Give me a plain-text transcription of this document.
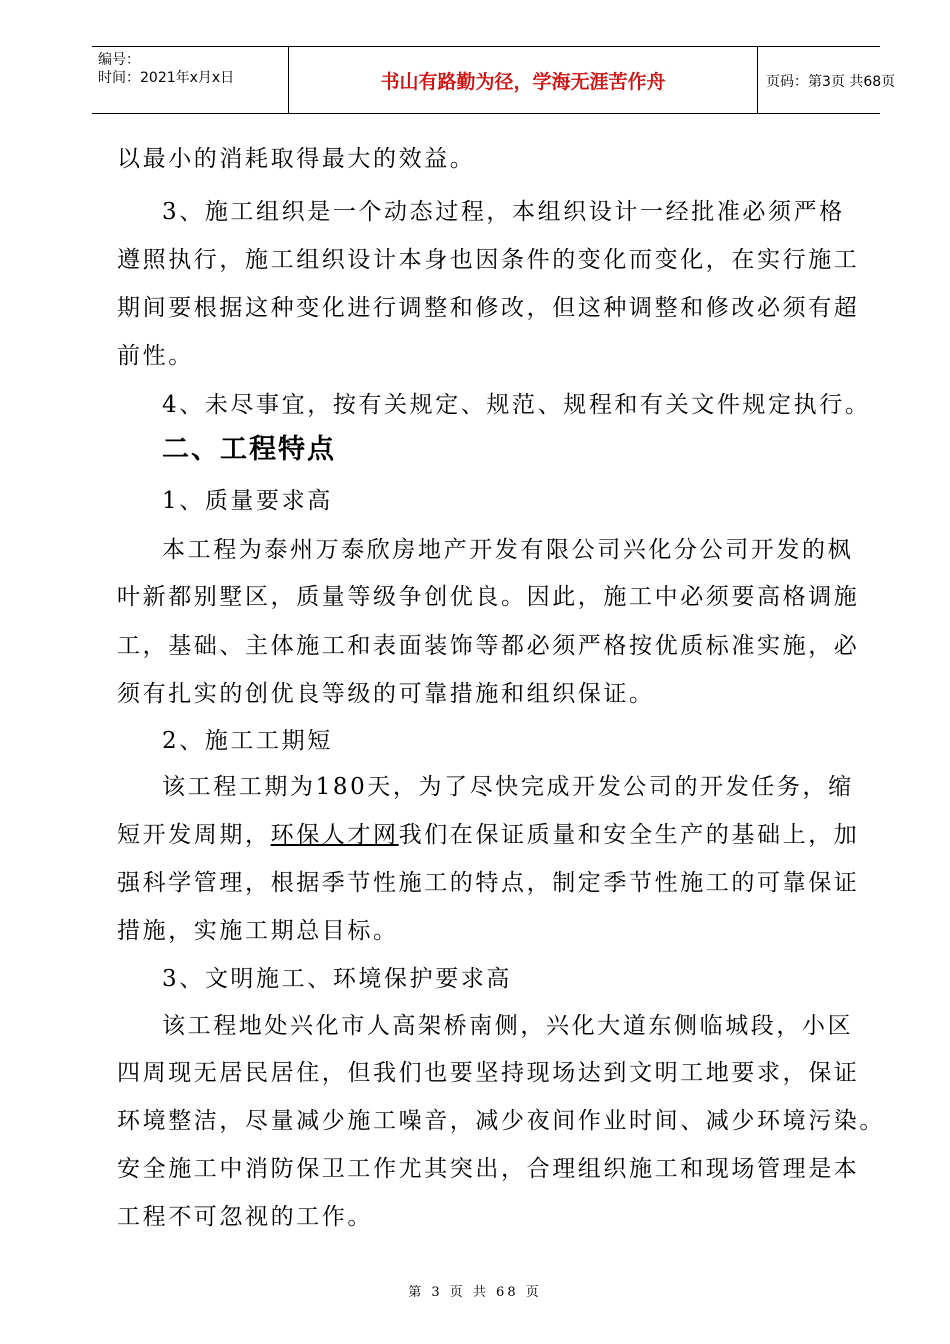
编号：
时间：2021年x月x日	书山有路勤为径，学海无涯苦作舟	页码：第3页 共68页
以最小的消耗取得最大的效益。
3、施工组织是一个动态过程，本组织设计一经批准必须严格
遵照执行，施工组织设计本身也因条件的变化而变化，在实行施工
期间要根据这种变化进行调整和修改，但这种调整和修改必须有超
前性。
4、未尽事宜，按有关规定、规范、规程和有关文件规定执行。
二、工程特点
1、质量要求高
本工程为泰州万泰欣房地产开发有限公司兴化分公司开发的枫
叶新都别墅区，质量等级争创优良。因此，施工中必须要高格调施
工，基础、主体施工和表面装饰等都必须严格按优质标准实施，必
须有扎实的创优良等级的可靠措施和组织保证。
2、施工工期短
该工程工期为180天，为了尽快完成开发公司的开发任务，缩
短开发周期，环保人才网我们在保证质量和安全生产的基础上，加
强科学管理，根据季节性施工的特点，制定季节性施工的可靠保证
措施，实施工期总目标。
3、文明施工、环境保护要求高
该工程地处兴化市人高架桥南侧，兴化大道东侧临城段，小区
四周现无居民居住，但我们也要坚持现场达到文明工地要求，保证
环境整洁，尽量减少施工噪音，减少夜间作业时间、减少环境污染。
安全施工中消防保卫工作尤其突出，合理组织施工和现场管理是本
工程不可忽视的工作。
第 3 页 共 68 页
